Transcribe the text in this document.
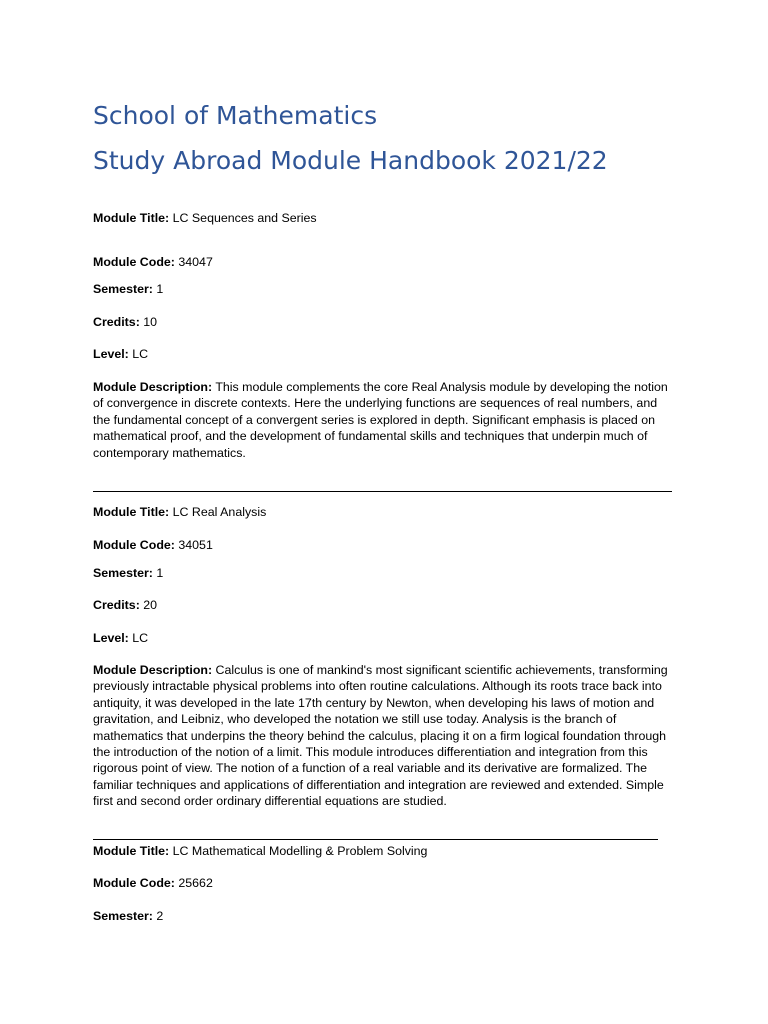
School of Mathematics
Study Abroad Module Handbook 2021/22

Module Title: LC Sequences and Series

Module Code: 34047

Semester: 1

Credits: 10

Level: LC

Module Description: This module complements the core Real Analysis module by developing the notion of convergence in discrete contexts. Here the underlying functions are sequences of real numbers, and the fundamental concept of a convergent series is explored in depth. Significant emphasis is placed on mathematical proof, and the development of fundamental skills and techniques that underpin much of contemporary mathematics.

Module Title: LC Real Analysis

Module Code: 34051

Semester: 1

Credits: 20

Level: LC

Module Description: Calculus is one of mankind's most significant scientific achievements, transforming previously intractable physical problems into often routine calculations. Although its roots trace back into antiquity, it was developed in the late 17th century by Newton, when developing his laws of motion and gravitation, and Leibniz, who developed the notation we still use today. Analysis is the branch of mathematics that underpins the theory behind the calculus, placing it on a firm logical foundation through the introduction of the notion of a limit. This module introduces differentiation and integration from this rigorous point of view. The notion of a function of a real variable and its derivative are formalized. The familiar techniques and applications of differentiation and integration are reviewed and extended. Simple first and second order ordinary differential equations are studied.

Module Title: LC Mathematical Modelling & Problem Solving

Module Code: 25662

Semester: 2
